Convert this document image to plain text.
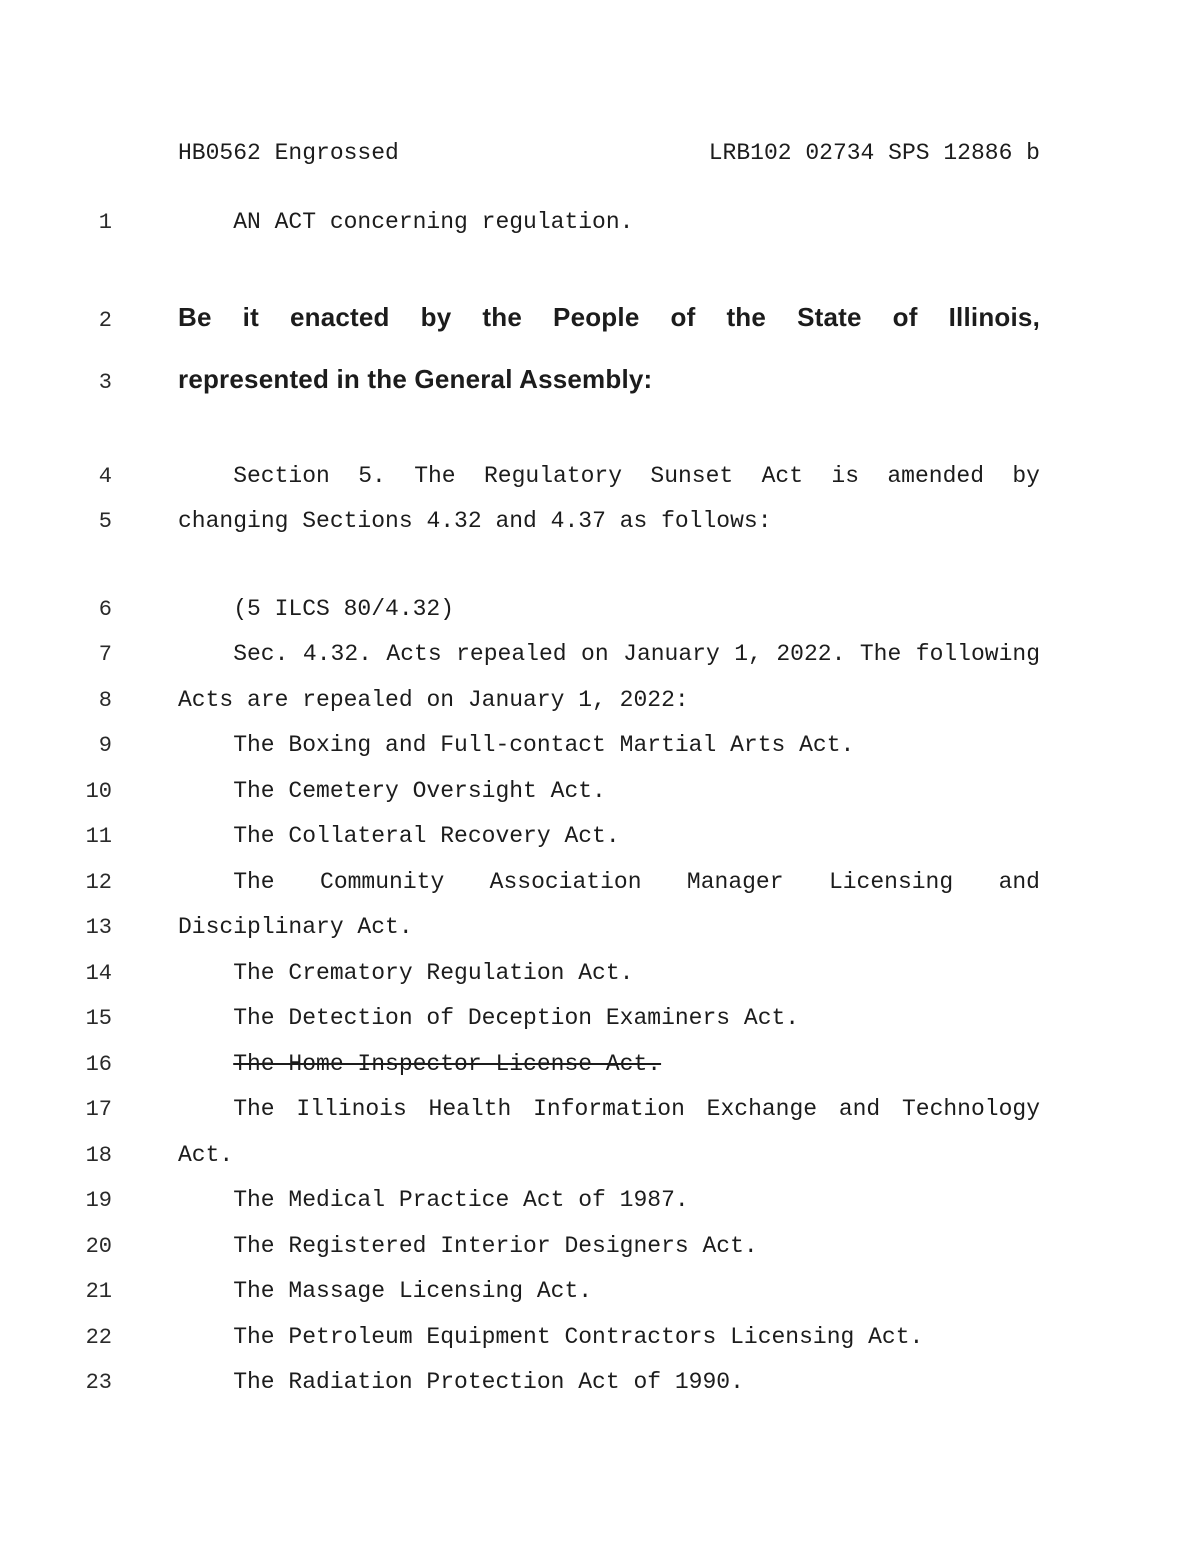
HB0562 Engrossed	LRB102 02734 SPS 12886 b
1	AN ACT concerning regulation.
2	Be it enacted by the People of the State of Illinois,
3	represented in the General Assembly:
4	Section 5. The Regulatory Sunset Act is amended by
5	changing Sections 4.32 and 4.37 as follows:
6	(5 ILCS 80/4.32)
7	Sec. 4.32. Acts repealed on January 1, 2022. The following
8	Acts are repealed on January 1, 2022:
9	The Boxing and Full-contact Martial Arts Act.
10	The Cemetery Oversight Act.
11	The Collateral Recovery Act.
12	The Community Association Manager Licensing and
13	Disciplinary Act.
14	The Crematory Regulation Act.
15	The Detection of Deception Examiners Act.
16	The Home Inspector License Act.
17	The Illinois Health Information Exchange and Technology
18	Act.
19	The Medical Practice Act of 1987.
20	The Registered Interior Designers Act.
21	The Massage Licensing Act.
22	The Petroleum Equipment Contractors Licensing Act.
23	The Radiation Protection Act of 1990.
